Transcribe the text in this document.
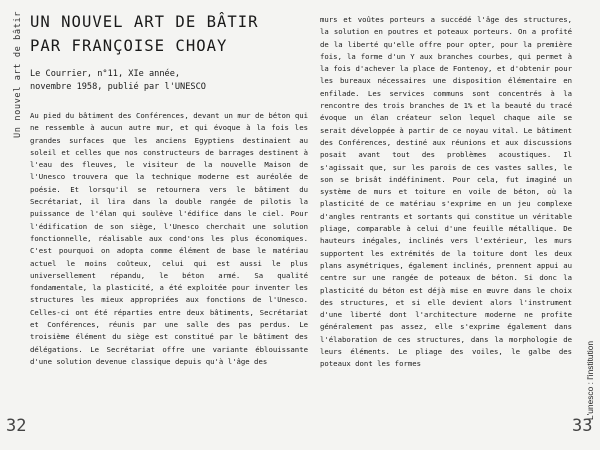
Un nouvel art de bâtir
L'unesco : l'institution
UN NOUVEL ART DE BÂTIR
PAR FRANÇOISE CHOAY
Le Courrier, n°11, XIe année,
novembre 1958, publié par l'UNESCO

Au pied du bâtiment des Conférences, devant un mur de béton qui ne ressemble à aucun autre mur, et qui évoque à la fois les grandes surfaces que les anciens Egyptiens destinaient au soleil et celles que nos constructeurs de barrages destinent à l'eau des fleuves, le visiteur de la nouvelle Maison de l'Unesco trouvera que la technique moderne est auréolée de poésie. Et lorsqu'il se retournera vers le bâtiment du Secrétariat, il lira dans la double rangée de pilotis la puissance de l'élan qui soulève l'édifice dans le ciel. Pour l'édification de son siège, l'Unesco cherchait une solution fonctionnelle, réalisable aux cond'ons les plus économiques. C'est pourquoi on adopta comme élément de base le matériau actuel le moins coûteux, celui qui est aussi le plus universellement répandu, le béton armé. Sa qualité fondamentale, la plasticité, a été exploitée pour inventer les structures les mieux appropriées aux fonctions de l'Unesco. Celles-ci ont été réparties entre deux bâtiments, Secrétariat et Conférences, réunis par une salle des pas perdus. Le troisième élément du siège est constitué par le bâtiment des délégations. Le Secrétariat offre une variante éblouissante d'une solution devenue classique depuis qu'à l'âge des

murs et voûtes porteurs a succédé l'âge des structures, la solution en poutres et poteaux porteurs. On a profité de la liberté qu'elle offre pour opter, pour la première fois, la forme d'un Y aux branches courbes, qui permet à la fois d'achever la place de Fontenoy, et d'obtenir pour les bureaux nécessaires une disposition élémentaire en enfilade. Les services communs sont concentrés à la rencontre des trois branches de 1% et la beauté du tracé évoque un élan créateur selon lequel chaque aile se serait développée à partir de ce noyau vital. Le bâtiment des Conférences, destiné aux réunions et aux discussions posait avant tout des problèmes acoustiques. Il s'agissait que, sur les parois de ces vastes salles, le son se brisât indéfiniment. Pour cela, fut imaginé un système de murs et toiture en voile de béton, où la plasticité de ce matériau s'exprime en un jeu complexe d'angles rentrants et sortants qui constitue un véritable pliage, comparable à celui d'une feuille métallique. De hauteurs inégales, inclinés vers l'extérieur, les murs supportent les extrémités de la toiture dont les deux plans asymétriques, également inclinés, prennent appui au centre sur une rangée de poteaux de béton. Si donc la plasticité du béton est déjà mise en œuvre dans le choix des structures, et si elle devient alors l'instrument d'une liberté dont l'architecture moderne ne profite généralement pas assez, elle s'exprime également dans l'élaboration de ces structures, dans la morphologie de leurs éléments. Le pliage des voiles, le galbe des poteaux dont les formes

32	33
